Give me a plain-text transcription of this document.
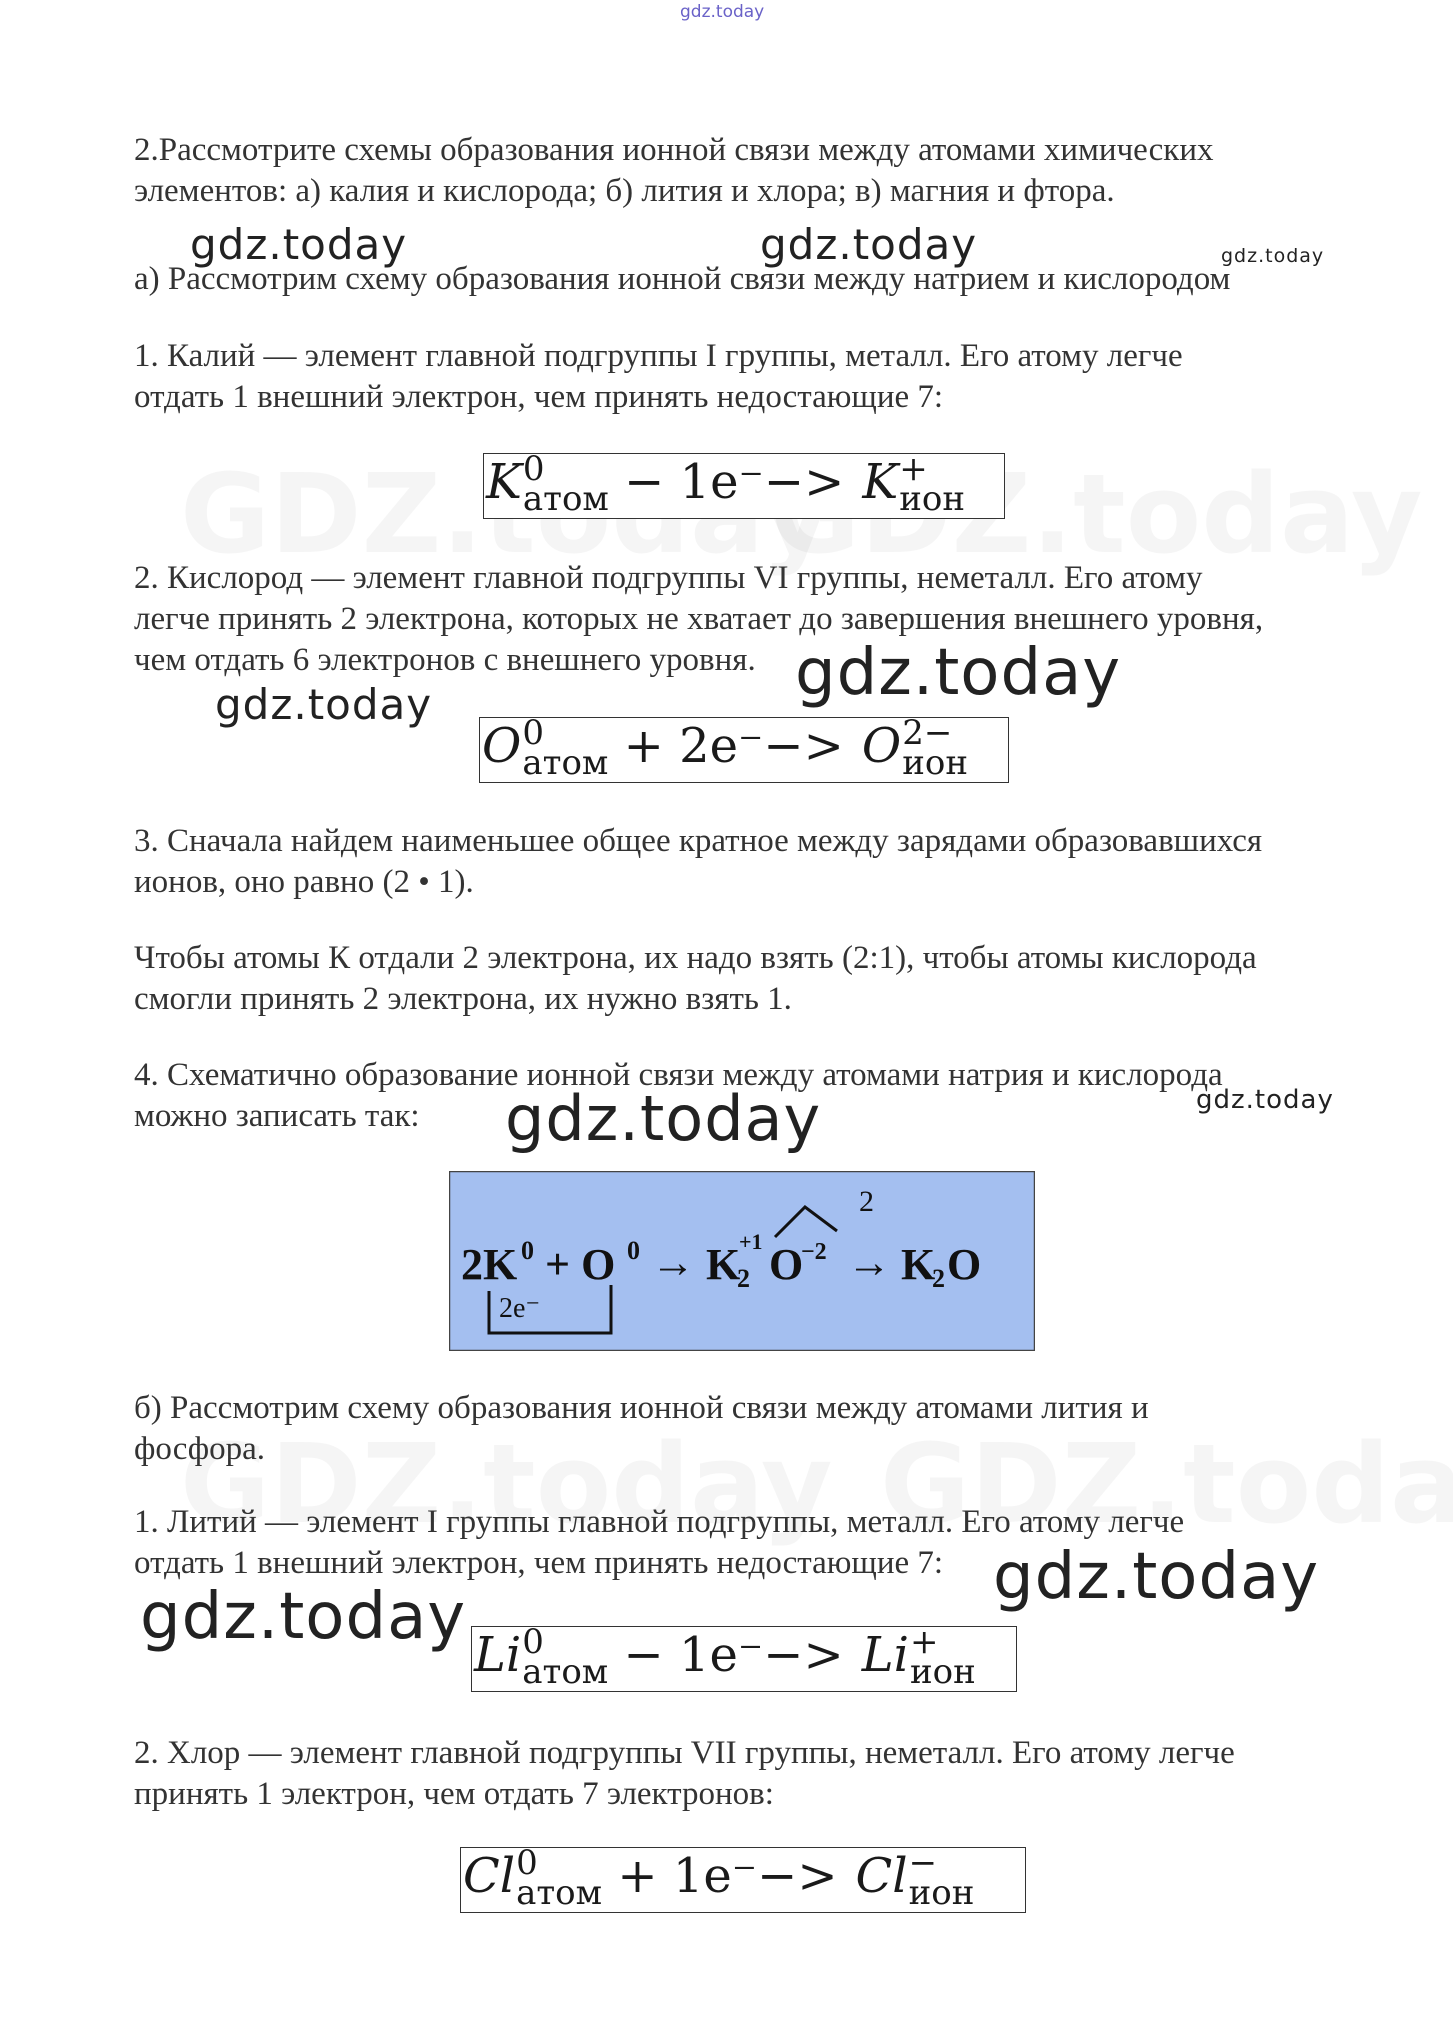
gdz.today

2.Рассмотрите схемы образования ионной связи между атомами химических
элементов: а) калия и кислорода; б) лития и хлора; в) магния и фтора.

а) Рассмотрим схему образования ионной связи между натрием и кислородом

1. Калий — элемент главной подгруппы I группы, металл. Его атому легче
отдать 1 внешний электрон, чем принять недостающие 7:

K 0
атом − 1e⁻−> K +
ион

2. Кислород — элемент главной подгруппы VI группы, неметалл. Его атому
легче принять 2 электрона, которых не хватает до завершения внешнего уровня,
чем отдать 6 электронов с внешнего уровня.

O 0
атом + 2e⁻−> O 2−
ион

3. Сначала найдем наименьшее общее кратное между зарядами образовавшихся
ионов, оно равно (2 • 1).

Чтобы атомы К отдали 2 электрона, их надо взять (2:1), чтобы атомы кислорода
смогли принять 2 электрона, их нужно взять 1.

4. Схематично образование ионной связи между атомами натрия и кислорода
можно записать так:

2K 0 + O 0 → K
2
+1 O
−2 → K
2 O
2
2e⁻

б) Рассмотрим схему образования ионной связи между атомами лития и
фосфора.

1. Литий — элемент I группы главной подгруппы, металл. Его атому легче
отдать 1 внешний электрон, чем принять недостающие 7:

Li 0
атом − 1e⁻−> Li +
ион

2. Хлор — элемент главной подгруппы VII группы, неметалл. Его атому легче
принять 1 электрон, чем отдать 7 электронов:

Cl 0
атом + 1e⁻−> Cl −
ион
gdz.today	gdz.today	gdz.today
gdz.today
gdz.today
gdz.today
gdz.today
gdz.today
gdz.today
